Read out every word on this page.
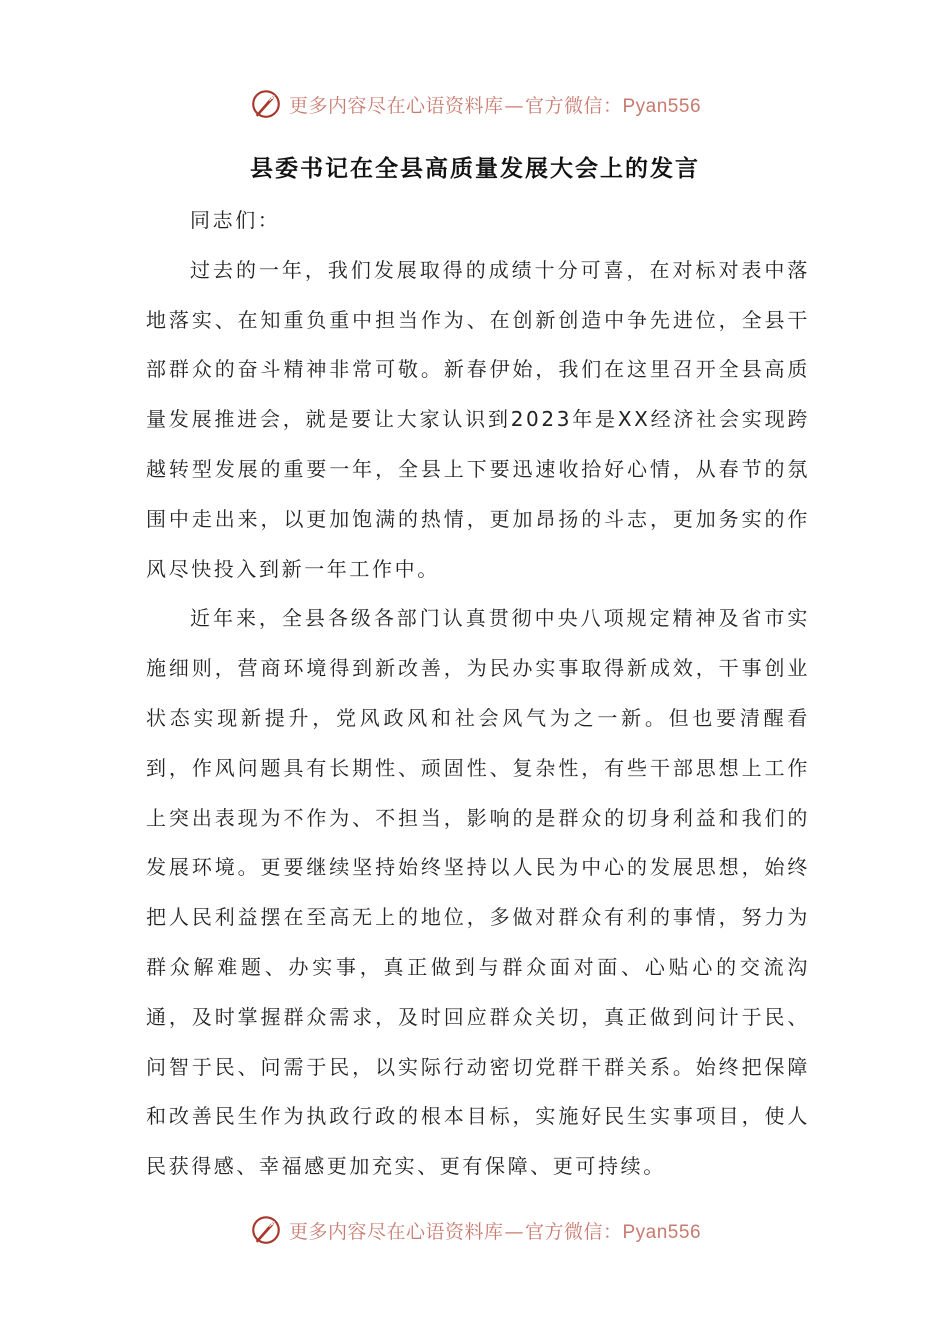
更多内容尽在心语资料库—官方微信：Pyan556
县委书记在全县高质量发展大会上的发言

同志们：

过去的一年，我们发展取得的成绩十分可喜，在对标对表中落地落实、在知重负重中担当作为、在创新创造中争先进位，全县干部群众的奋斗精神非常可敬。新春伊始，我们在这里召开全县高质量发展推进会，就是要让大家认识到2023年是XX经济社会实现跨越转型发展的重要一年，全县上下要迅速收拾好心情，从春节的氛围中走出来，以更加饱满的热情，更加昂扬的斗志，更加务实的作风尽快投入到新一年工作中。

近年来，全县各级各部门认真贯彻中央八项规定精神及省市实施细则，营商环境得到新改善，为民办实事取得新成效，干事创业状态实现新提升，党风政风和社会风气为之一新。但也要清醒看到，作风问题具有长期性、顽固性、复杂性，有些干部思想上工作上突出表现为不作为、不担当，影响的是群众的切身利益和我们的发展环境。更要继续坚持始终坚持以人民为中心的发展思想，始终把人民利益摆在至高无上的地位，多做对群众有利的事情，努力为群众解难题、办实事，真正做到与群众面对面、心贴心的交流沟通，及时掌握群众需求，及时回应群众关切，真正做到问计于民、问智于民、问需于民，以实际行动密切党群干群关系。始终把保障和改善民生作为执政行政的根本目标，实施好民生实事项目，使人民获得感、幸福感更加充实、更有保障、更可持续。

更多内容尽在心语资料库—官方微信：Pyan556
